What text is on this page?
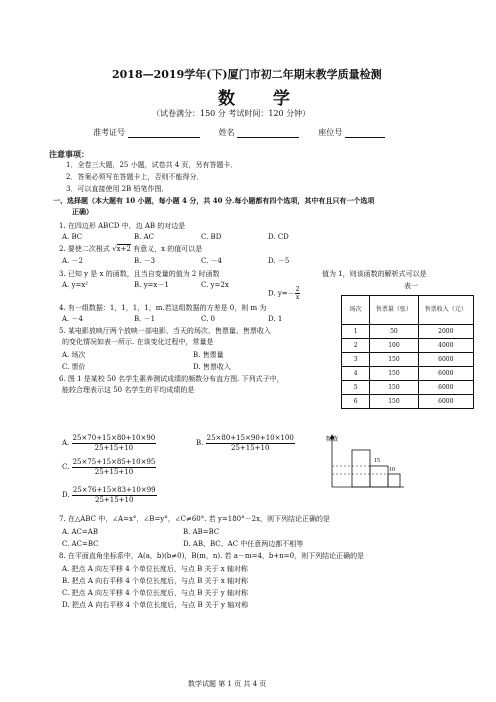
2018—2019学年(下)厦门市初二年期末教学质量检测
数 学
（试卷满分：150 分 考试时间：120 分钟）
准考证号	姓名	座位号
注意事项：
1．全卷三大题，25 小题，试卷共 4 页，另有答题卡．
2．答案必须写在答题卡上，否则不能得分．
3．可以直接使用 2B 铅笔作图．
一、选择题（本大题有 10 小题，每小题 4 分，共 40 分.每小题都有四个选项，其中有且只有一个选项
正确）
1. 在四边形 ABCD 中，边 AB 的对边是
A. BC	B. AC	C. BD	D. CD
2. 要使二次根式 √x+2 有意义，x 的值可以是
A. －2	B. －3	C. －4	D. －5
3. 已知 y 是 x 的函数，且当自变量的值为 2 时函数	值为 1，则该函数的解析式可以是
A. y=x²	B. y=x－1	C. y=2x
D. $y=- \frac{2}{x}$	表一
场次	售票量（张）	售票收入（元）
1	50	2000
2	100	4000
3	150	6000
4	150	6000
5	150	6000
6	150	6000
4. 有一组数据：1，1，1，1，m.若这组数据的方差是 0，则 m 为
A. －4	B. －1	C. 0	D. 1
5. 某电影放映厅两个放映一部电影，当天的场次、售票量、售票收入
的变化情况如表一所示. 在该变化过程中，常量是
A. 场次	B. 售票量
C. 票价	D. 售票收入
6. 图 1 是某校 50 名学生素养测试成绩的频数分布直方图. 下列式子中，
能较合理表示这 50 名学生的平均成绩的是
A. $\frac{25\times 70+15\times 80+10\times 90}{25+15+10}$	B. $\frac{25\times 80+15\times 90+10\times 100}{25+15+10}$
C. $\frac{25\times 75+15\times 85+10\times 95}{25+15+10}$
D. $\frac{25\times 76+15\times 83+10\times 99}{25+15+10}$
频数
15
10
7. 在△ABC 中，∠A=x°，∠B=y°，∠C≠60°. 若 y=180°－2x，则下列结论正确的是
A. AC=AB	B. AB=BC
C. AC=BC	D. AB、BC、AC 中任意两边都不相等
8. 在平面直角坐标系中，A(a，b)(b≠0)，B(m，n). 若 a－m=4，b+n=0，则下列结论正确的是
A. 把点 A 向左平移 4 个单位长度后，与点 B 关于 x 轴对称
B. 把点 A 向右平移 4 个单位长度后，与点 B 关于 x 轴对称
C. 把点 A 向左平移 4 个单位长度后，与点 B 关于 y 轴对称
D. 把点 A 向右平移 4 个单位长度后，与点 B 关于 y 轴对称
数学试题 第 1 页 共 4 页
